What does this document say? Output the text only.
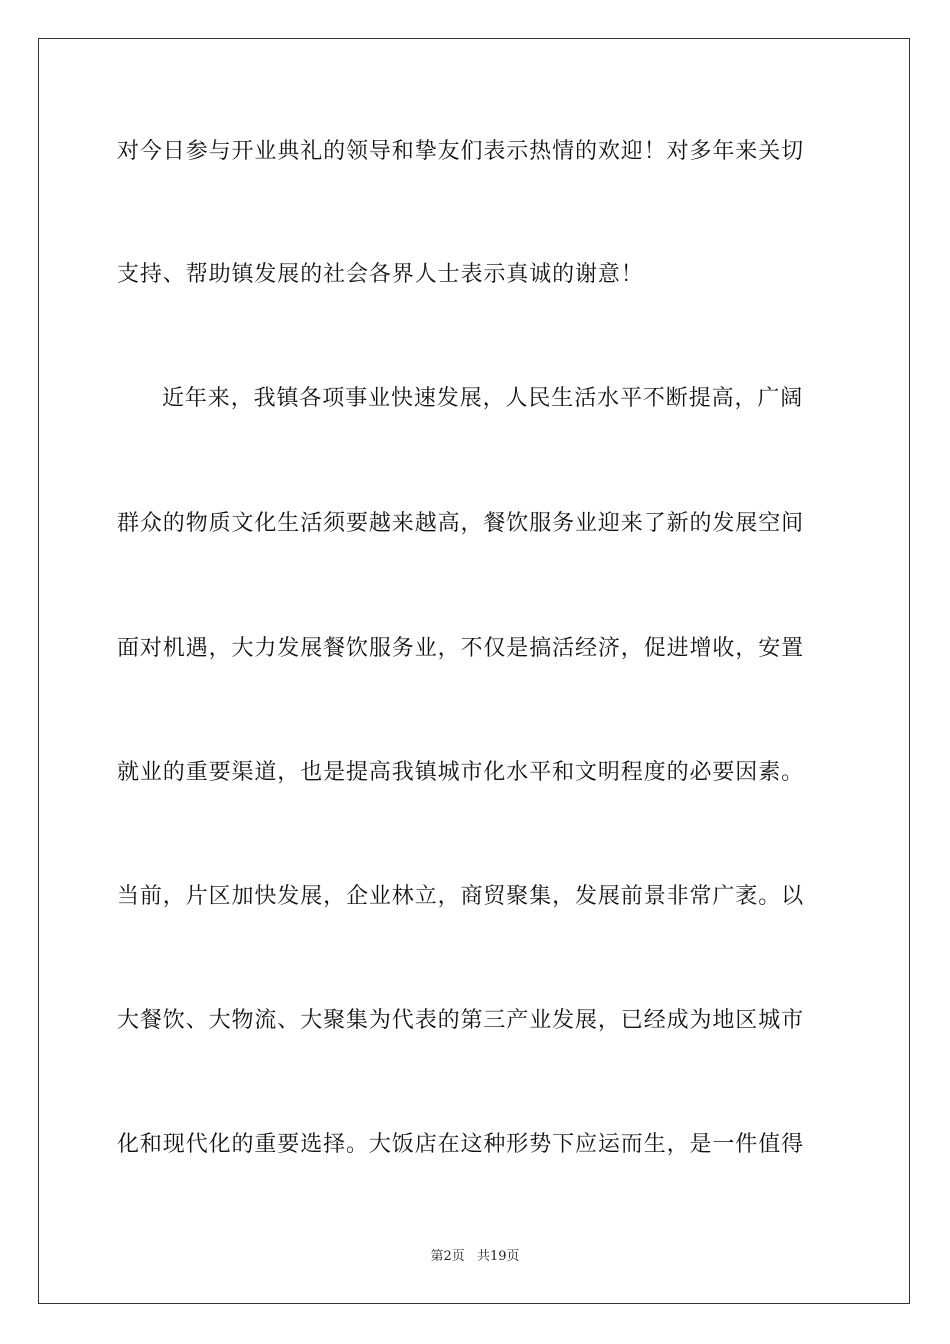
对今日参与开业典礼的领导和挚友们表示热情的欢迎！对多年来关切
支持、帮助镇发展的社会各界人士表示真诚的谢意！
近年来，我镇各项事业快速发展，人民生活水平不断提高，广阔
群众的物质文化生活须要越来越高，餐饮服务业迎来了新的发展空间
面对机遇，大力发展餐饮服务业，不仅是搞活经济，促进增收，安置
就业的重要渠道，也是提高我镇城市化水平和文明程度的必要因素。
当前，片区加快发展，企业林立，商贸聚集，发展前景非常广袤。以
大餐饮、大物流、大聚集为代表的第三产业发展，已经成为地区城市
化和现代化的重要选择。大饭店在这种形势下应运而生，是一件值得
第2页 共19页
